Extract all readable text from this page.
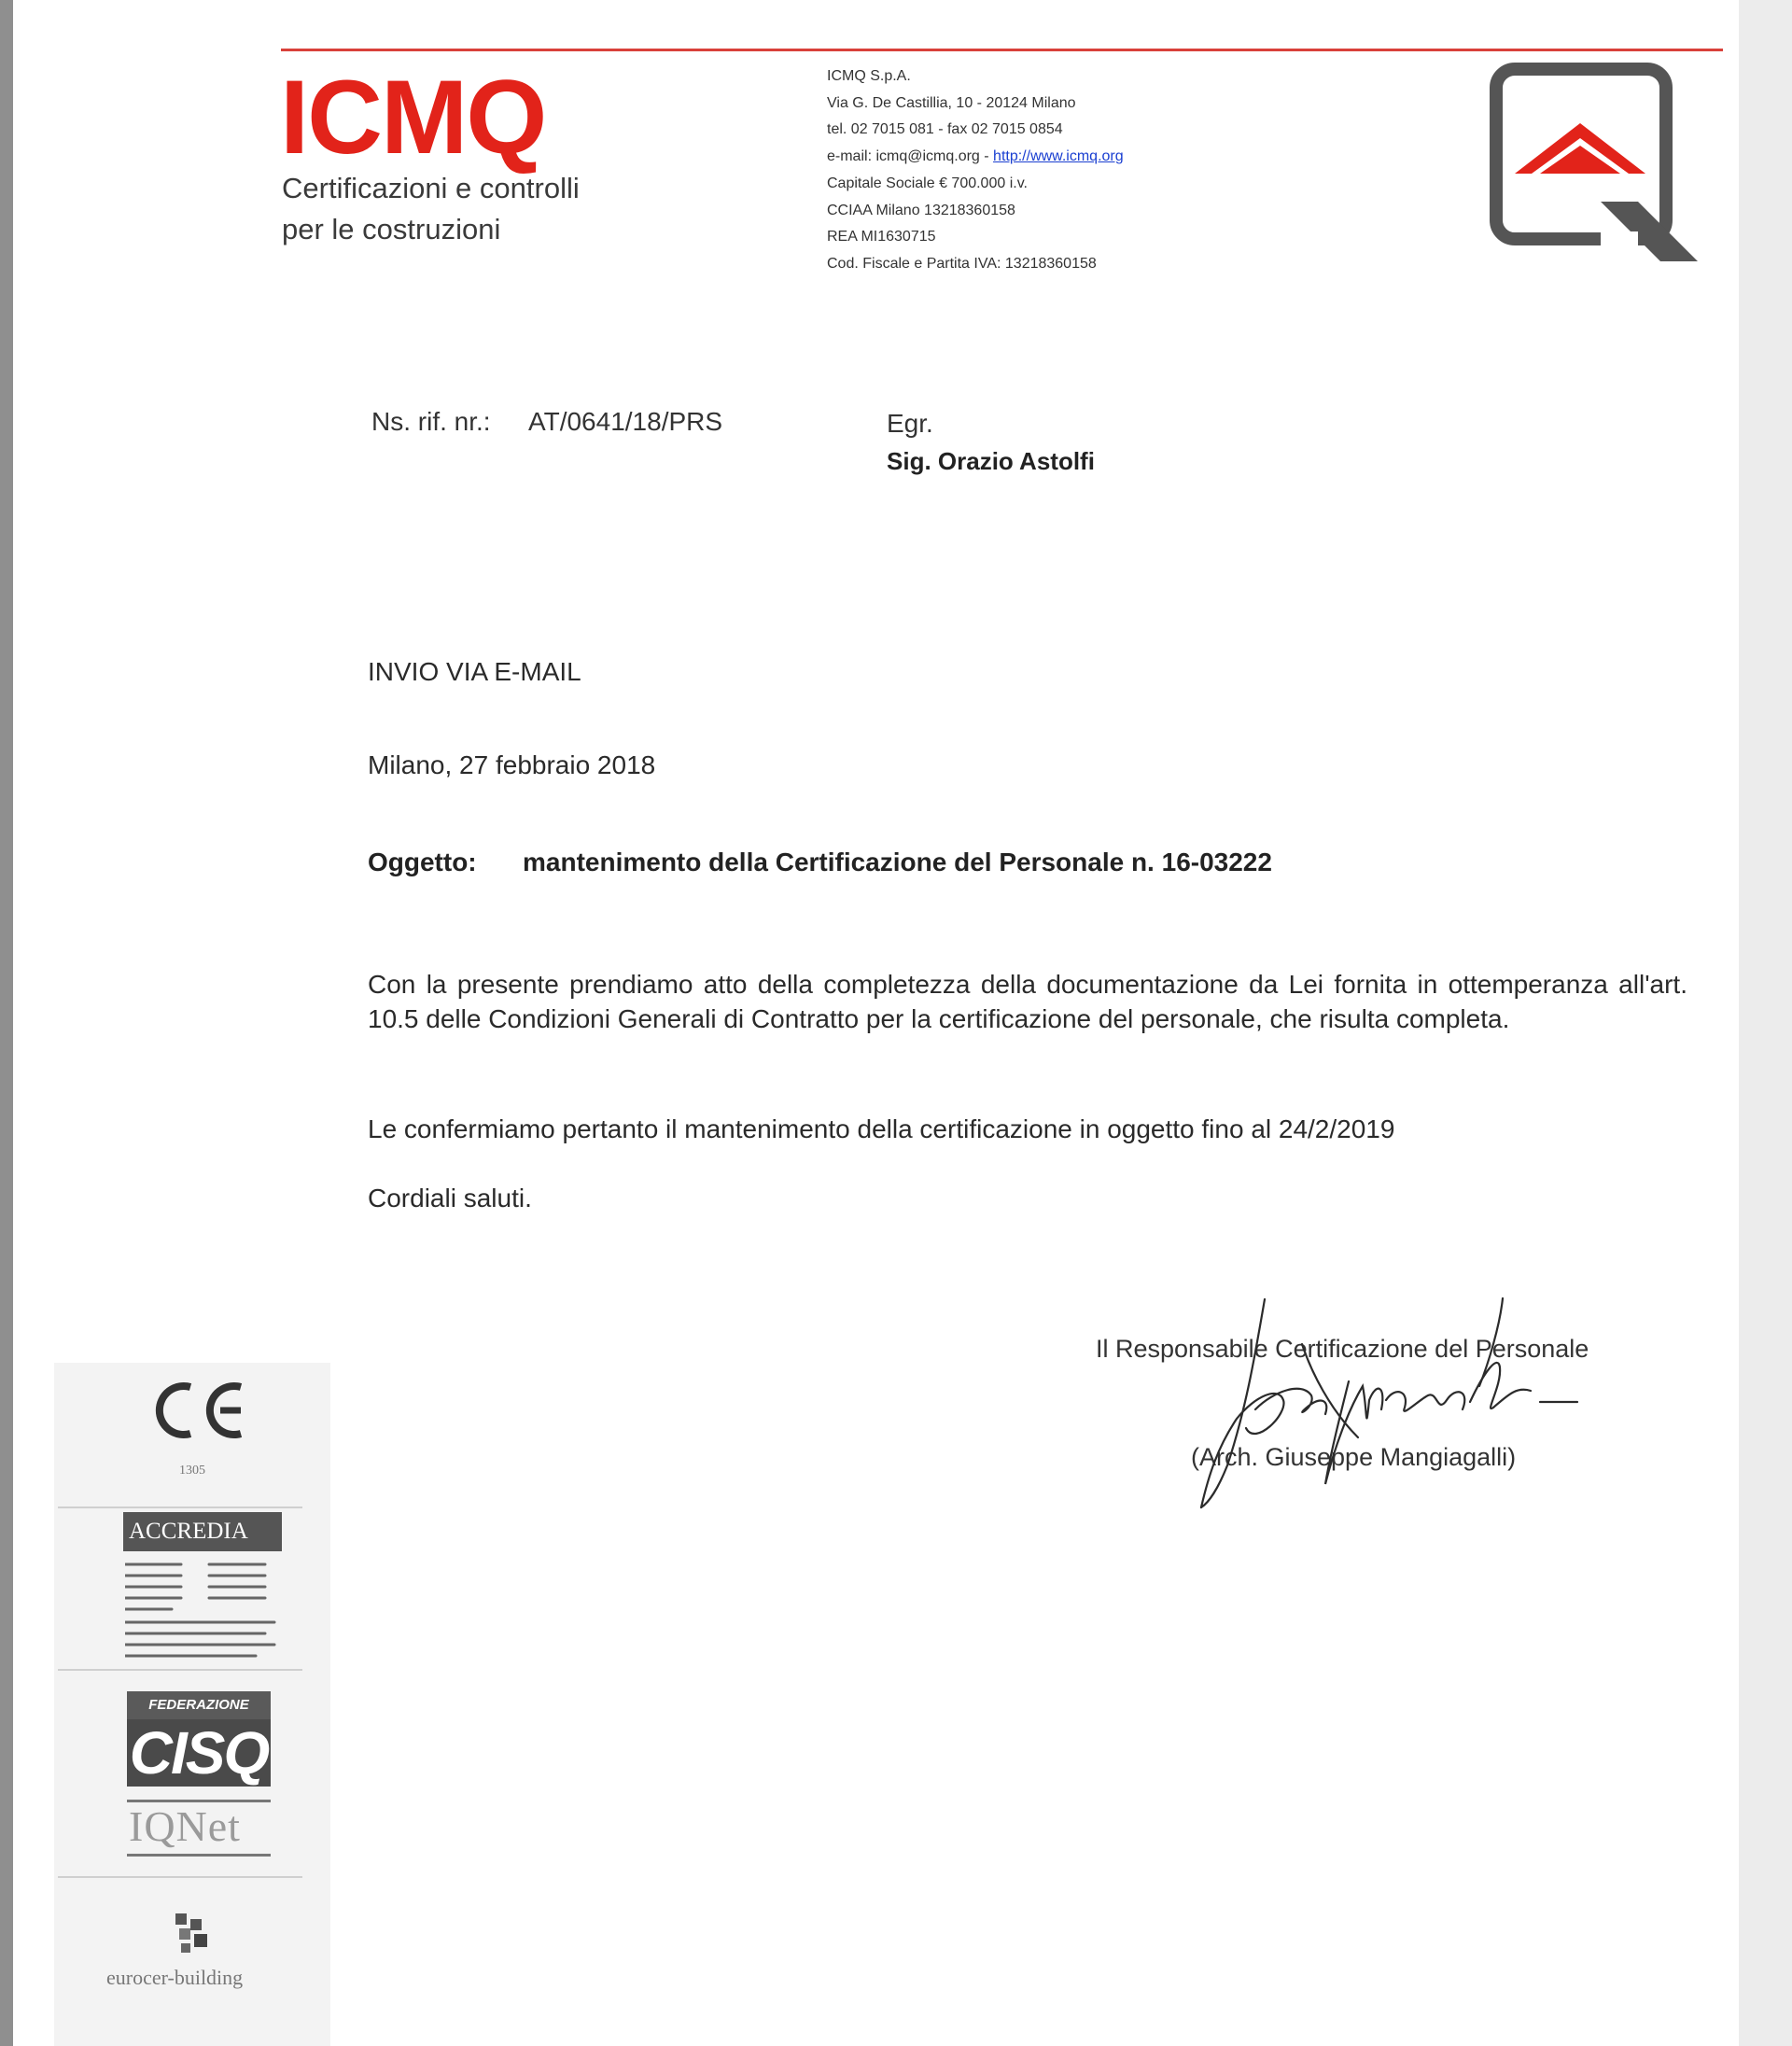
ICMQ
Certificazioni e controlli
per le costruzioni
ICMQ S.p.A.
Via G. De Castillia, 10 - 20124 Milano
tel. 02 7015 081 - fax 02 7015 0854
e-mail: icmq@icmq.org - http://www.icmq.org
Capitale Sociale € 700.000 i.v.
CCIAA Milano 13218360158
REA MI1630715
Cod. Fiscale e Partita IVA: 13218360158
Ns. rif. nr.: AT/0641/18/PRS	Egr.
Sig. Orazio Astolfi
INVIO VIA E-MAIL
Milano, 27 febbraio 2018
Oggetto: mantenimento della Certificazione del Personale n. 16-03222
Con la presente prendiamo atto della completezza della documentazione da Lei fornita in ottemperanza all'art. 10.5 delle Condizioni Generali di Contratto per la certificazione del personale, che risulta completa.
Le confermiamo pertanto il mantenimento della certificazione in oggetto fino al 24/2/2019
Cordiali saluti.
Il Responsabile Certificazione del Personale
(Arch. Giuseppe Mangiagalli)
1305
ACCREDIA
FEDERAZIONE
CISQ
IQNet
eurocer-building
